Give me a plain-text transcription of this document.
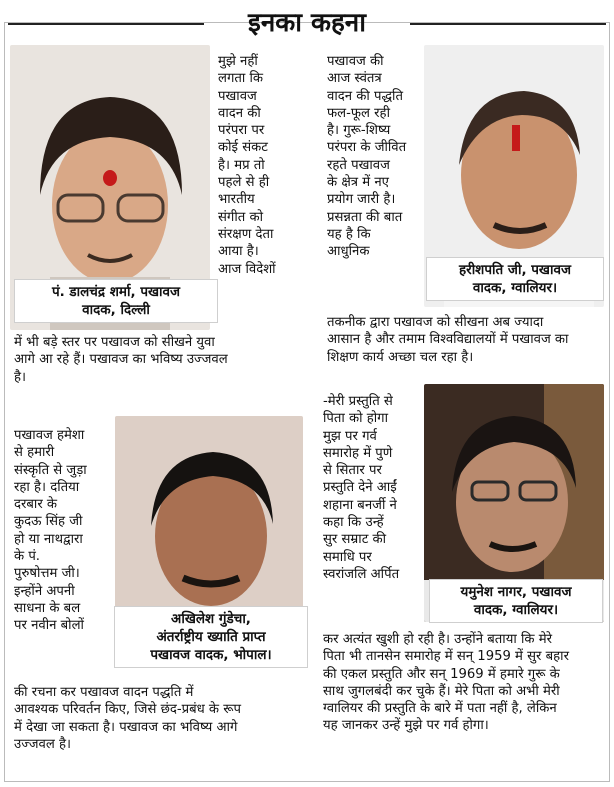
इनका कहना
पं. डालचंद्र शर्मा, पखावज
वादक, दिल्ली
मुझे नहीं
लगता कि
पखावज
वादन की
परंपरा पर
कोई संकट
है। मप्र तो
पहले से ही
भारतीय
संगीत को
संरक्षण देता
आया है।
आज विदेशों
में भी बड़े स्तर पर पखावज को सीखने युवा
आगे आ रहे हैं। पखावज का भविष्य उज्जवल
है।
पखावज की
आज स्वंतत्र
वादन की पद्धति
फल-फूल रही
है। गुरू-शिष्य
परंपरा के जीवित
रहते पखावज
के क्षेत्र में नए
प्रयोग जारी है।
प्रसन्नता की बात
यह है कि
आधुनिक
हरीशपति जी, पखावज
वादक, ग्वालियर।
तकनीक द्वारा पखावज को सीखना अब ज्यादा
आसान है और तमाम विश्वविद्यालयों में पखावज का
शिक्षण कार्य अच्छा चल रहा है।
पखावज हमेशा
से हमारी
संस्कृति से जुड़ा
रहा है। दतिया
दरबार के
कुदऊ सिंह जी
हो या नाथद्वारा
के पं.
पुरुषोत्तम जी।
इन्होंने अपनी
साधना के बल
पर नवीन बोलों	अखिलेश गुंडेचा,
अंतर्राष्ट्रीय ख्याति प्राप्त
पखावज वादक, भोपाल।
की रचना कर पखावज वादन पद्धति में
आवश्यक परिवर्तन किए, जिसे छंद-प्रबंध के रूप
में देखा जा सकता है। पखावज का भविष्य आगे
उज्जवल है।
-मेरी प्रस्तुति से
पिता को होगा
मुझ पर गर्व
समारोह में पुणे
से सितार पर
प्रस्तुति देने आईं
शहाना बनर्जी ने
कहा कि उन्हें
सुर सम्राट की
समाधि पर
स्वरांजलि अर्पित
यमुनेश नागर, पखावज
वादक, ग्वालियर।
कर अत्यंत खुशी हो रही है। उन्होंने बताया कि मेरे
पिता भी तानसेन समारोह में सन् 1959 में सुर बहार
की एकल प्रस्तुति और सन् 1969 में हमारे गुरू के
साथ जुगलबंदी कर चुके हैं। मेरे पिता को अभी मेरी
ग्वालियर की प्रस्तुति के बारे में पता नहीं है, लेकिन
यह जानकर उन्हें मुझे पर गर्व होगा।
